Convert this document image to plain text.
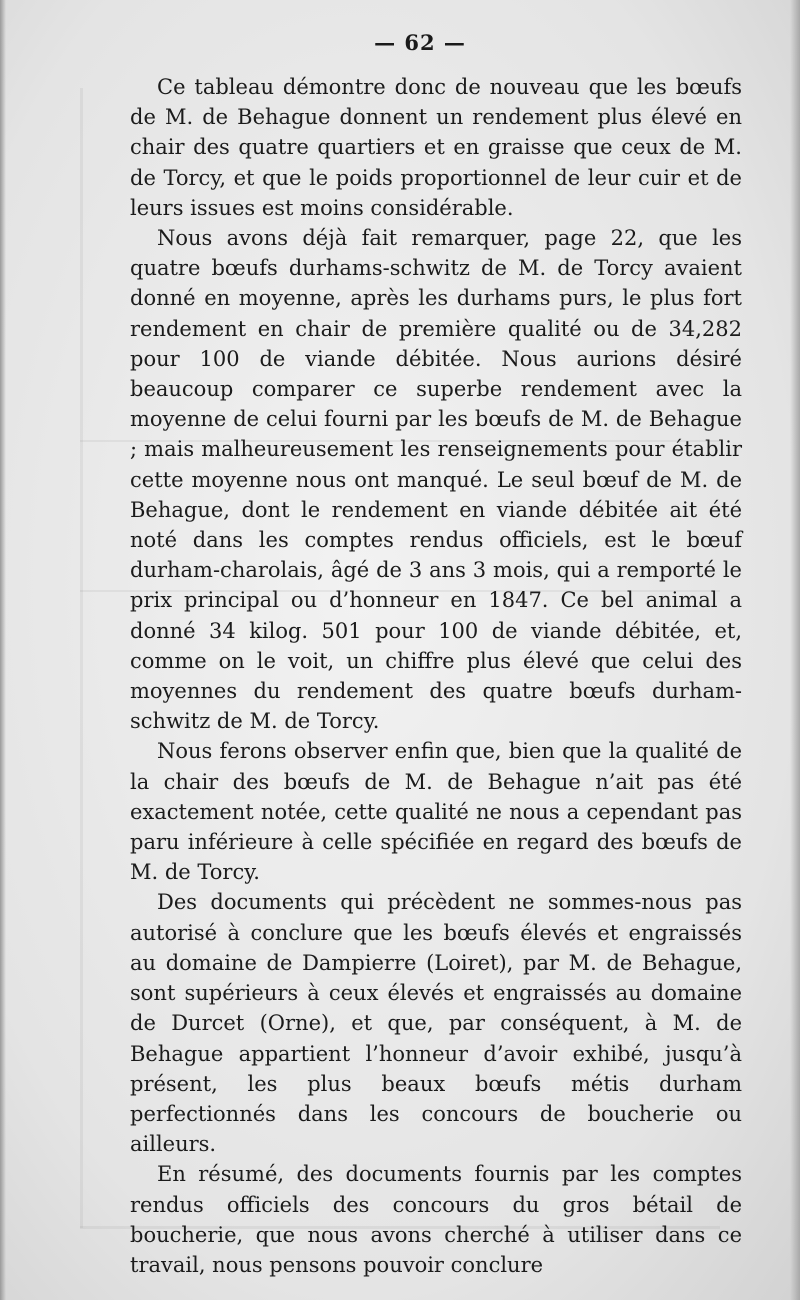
— 62 —

Ce tableau démontre donc de nouveau que les bœufs de M. de Behague donnent un rendement plus élevé en chair des quatre quartiers et en graisse que ceux de M. de Torcy, et que le poids proportionnel de leur cuir et de leurs issues est moins considérable.

Nous avons déjà fait remarquer, page 22, que les quatre bœufs durhams-schwitz de M. de Torcy avaient donné en moyenne, après les durhams purs, le plus fort rendement en chair de première qualité ou de 34,282 pour 100 de viande débitée. Nous aurions désiré beaucoup comparer ce superbe rendement avec la moyenne de celui fourni par les bœufs de M. de Behague ; mais malheureusement les renseignements pour établir cette moyenne nous ont manqué. Le seul bœuf de M. de Behague, dont le rendement en viande débitée ait été noté dans les comptes rendus officiels, est le bœuf durham-charolais, âgé de 3 ans 3 mois, qui a remporté le prix principal ou d’honneur en 1847. Ce bel animal a donné 34 kilog. 501 pour 100 de viande débitée, et, comme on le voit, un chiffre plus élevé que celui des moyennes du rendement des quatre bœufs durham-schwitz de M. de Torcy.

Nous ferons observer enfin que, bien que la qualité de la chair des bœufs de M. de Behague n’ait pas été exactement notée, cette qualité ne nous a cependant pas paru inférieure à celle spécifiée en regard des bœufs de M. de Torcy.

Des documents qui précèdent ne sommes-nous pas autorisé à conclure que les bœufs élevés et engraissés au domaine de Dampierre (Loiret), par M. de Behague, sont supérieurs à ceux élevés et engraissés au domaine de Durcet (Orne), et que, par conséquent, à M. de Behague appartient l’honneur d’avoir exhibé, jusqu’à présent, les plus beaux bœufs métis durham perfectionnés dans les concours de boucherie ou ailleurs.

En résumé, des documents fournis par les comptes rendus officiels des concours du gros bétail de boucherie, que nous avons cherché à utiliser dans ce travail, nous pensons pouvoir conclure
